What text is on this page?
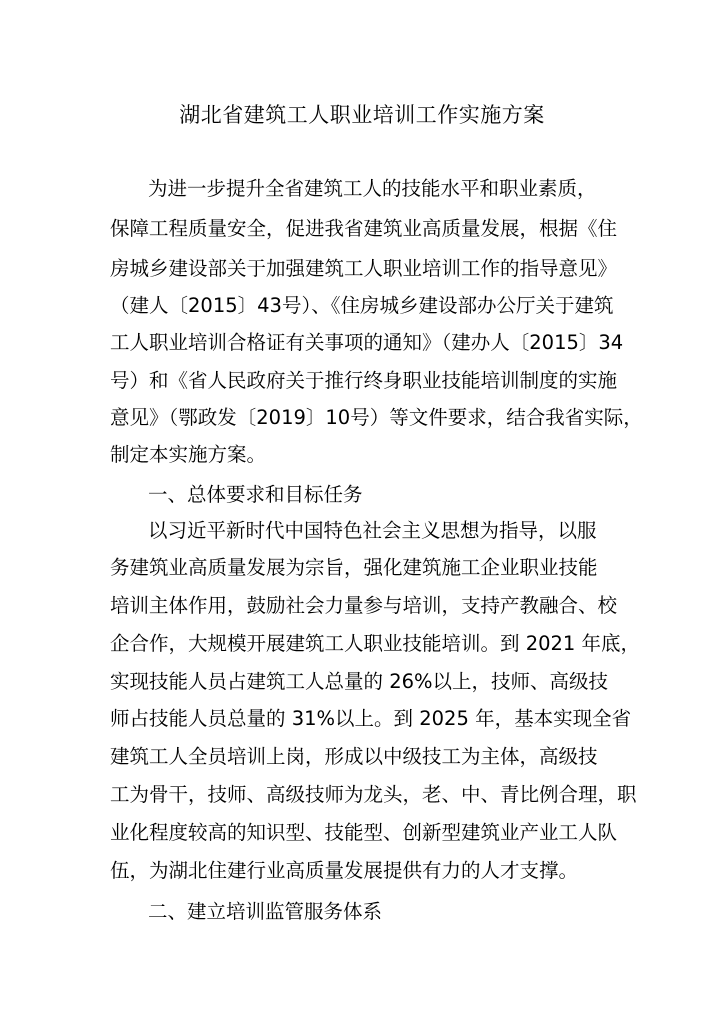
湖北省建筑工人职业培训工作实施方案
为进一步提升全省建筑工人的技能水平和职业素质，
保障工程质量安全，促进我省建筑业高质量发展，根据《住
房城乡建设部关于加强建筑工人职业培训工作的指导意见》
（建人〔2015〕43号）、《住房城乡建设部办公厅关于建筑
工人职业培训合格证有关事项的通知》（建办人〔2015〕34
号）和《省人民政府关于推行终身职业技能培训制度的实施
意见》（鄂政发〔2019〕10号）等文件要求，结合我省实际，
制定本实施方案。
一、总体要求和目标任务
以习近平新时代中国特色社会主义思想为指导，以服
务建筑业高质量发展为宗旨，强化建筑施工企业职业技能
培训主体作用，鼓励社会力量参与培训，支持产教融合、校
企合作，大规模开展建筑工人职业技能培训。到 2021 年底，
实现技能人员占建筑工人总量的 26%以上，技师、高级技
师占技能人员总量的 31%以上。到 2025 年，基本实现全省
建筑工人全员培训上岗，形成以中级技工为主体，高级技
工为骨干，技师、高级技师为龙头，老、中、青比例合理，职
业化程度较高的知识型、技能型、创新型建筑业产业工人队
伍，为湖北住建行业高质量发展提供有力的人才支撑。
二、建立培训监管服务体系
